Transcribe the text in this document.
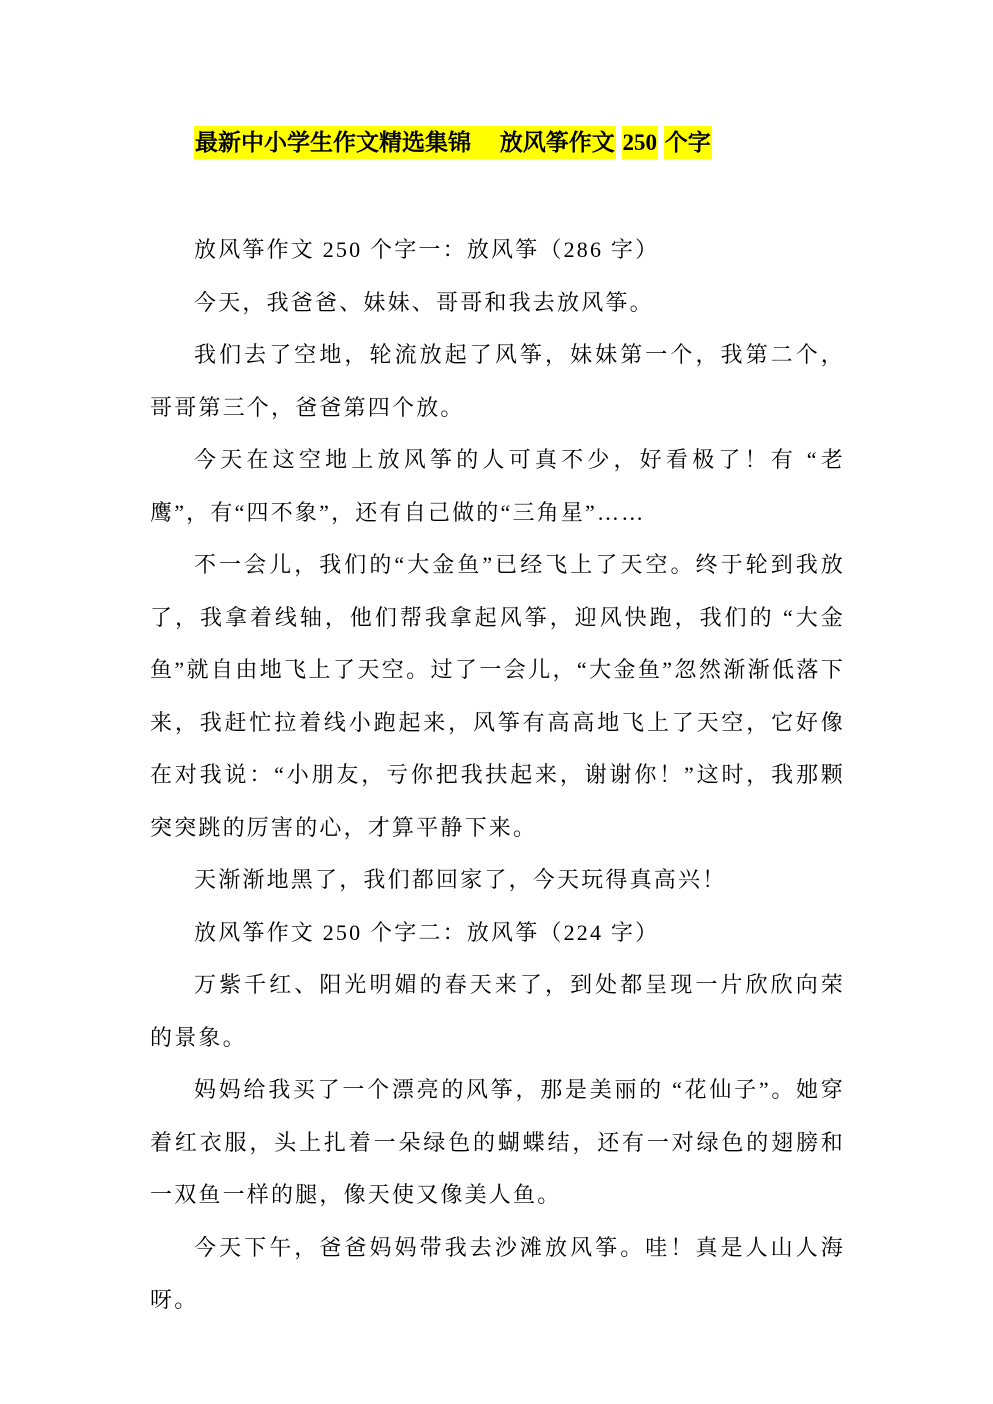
最新中小学生作文精选集锦　 放风筝作文 250 个字

放风筝作文 250 个字一：放风筝（286 字）

今天，我爸爸、妹妹、哥哥和我去放风筝。

我们去了空地，轮流放起了风筝，妹妹第一个，我第二个，哥哥第三个，爸爸第四个放。

今天在这空地上放风筝的人可真不少，好看极了！有 “老鹰”，有“四不象”，还有自己做的“三角星”……

不一会儿，我们的“大金鱼”已经飞上了天空。终于轮到我放了，我拿着线轴，他们帮我拿起风筝，迎风快跑，我们的 “大金鱼”就自由地飞上了天空。过了一会儿，“大金鱼”忽然渐渐低落下来，我赶忙拉着线小跑起来，风筝有高高地飞上了天空，它好像在对我说：“小朋友，亏你把我扶起来，谢谢你！”这时，我那颗突突跳的厉害的心，才算平静下来。

天渐渐地黑了，我们都回家了，今天玩得真高兴！

放风筝作文 250 个字二：放风筝（224 字）

万紫千红、阳光明媚的春天来了，到处都呈现一片欣欣向荣的景象。

妈妈给我买了一个漂亮的风筝，那是美丽的 “花仙子”。她穿着红衣服，头上扎着一朵绿色的蝴蝶结，还有一对绿色的翅膀和一双鱼一样的腿，像天使又像美人鱼。

今天下午，爸爸妈妈带我去沙滩放风筝。哇！真是人山人海呀。
